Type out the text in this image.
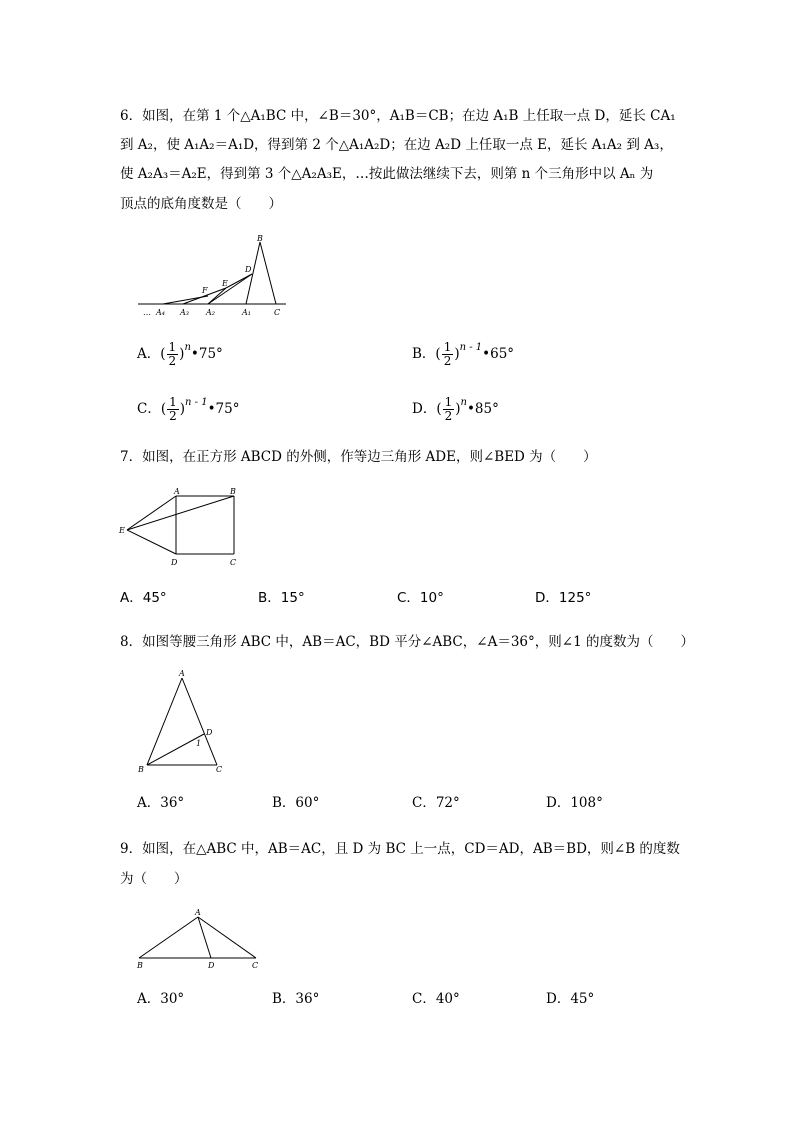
6．如图，在第 1 个△A₁BC 中，∠B＝30°，A₁B＝CB；在边 A₁B 上任取一点 D，延长 CA₁
到 A₂，使 A₁A₂＝A₁D，得到第 2 个△A₁A₂D；在边 A₂D 上任取一点 E，延长 A₁A₂ 到 A₃，
使 A₂A₃＝A₂E，得到第 3 个△A₂A₃E，…按此做法继续下去，则第 n 个三角形中以 Aₙ 为
顶点的底角度数是（　　）
B
D
E
F
… A₄ A₃ A₂	A₁	C
A．( $\frac{1}{2}$ )$^n$•75°	B．( $\frac{1}{2}$ )$^{n - 1}$•65°
C．( $\frac{1}{2}$ )$^{n - 1}$•75°	D．( $\frac{1}{2}$ )$^n$•85°
7．如图，在正方形 ABCD 的外侧，作等边三角形 ADE，则∠BED 为（　　）
A	B
E
D	C
A．45°	B．15°	C．10°	D．125°
8．如图等腰三角形 ABC 中，AB＝AC，BD 平分∠ABC，∠A＝36°，则∠1 的度数为（　　）
A
D
1
B	C
A．36°	B．60°	C．72°	D．108°
9．如图，在△ABC 中，AB＝AC，且 D 为 BC 上一点，CD＝AD，AB＝BD，则∠B 的度数
为（　　）
A
B	D	C
A．30°	B．36°	C．40°	D．45°
